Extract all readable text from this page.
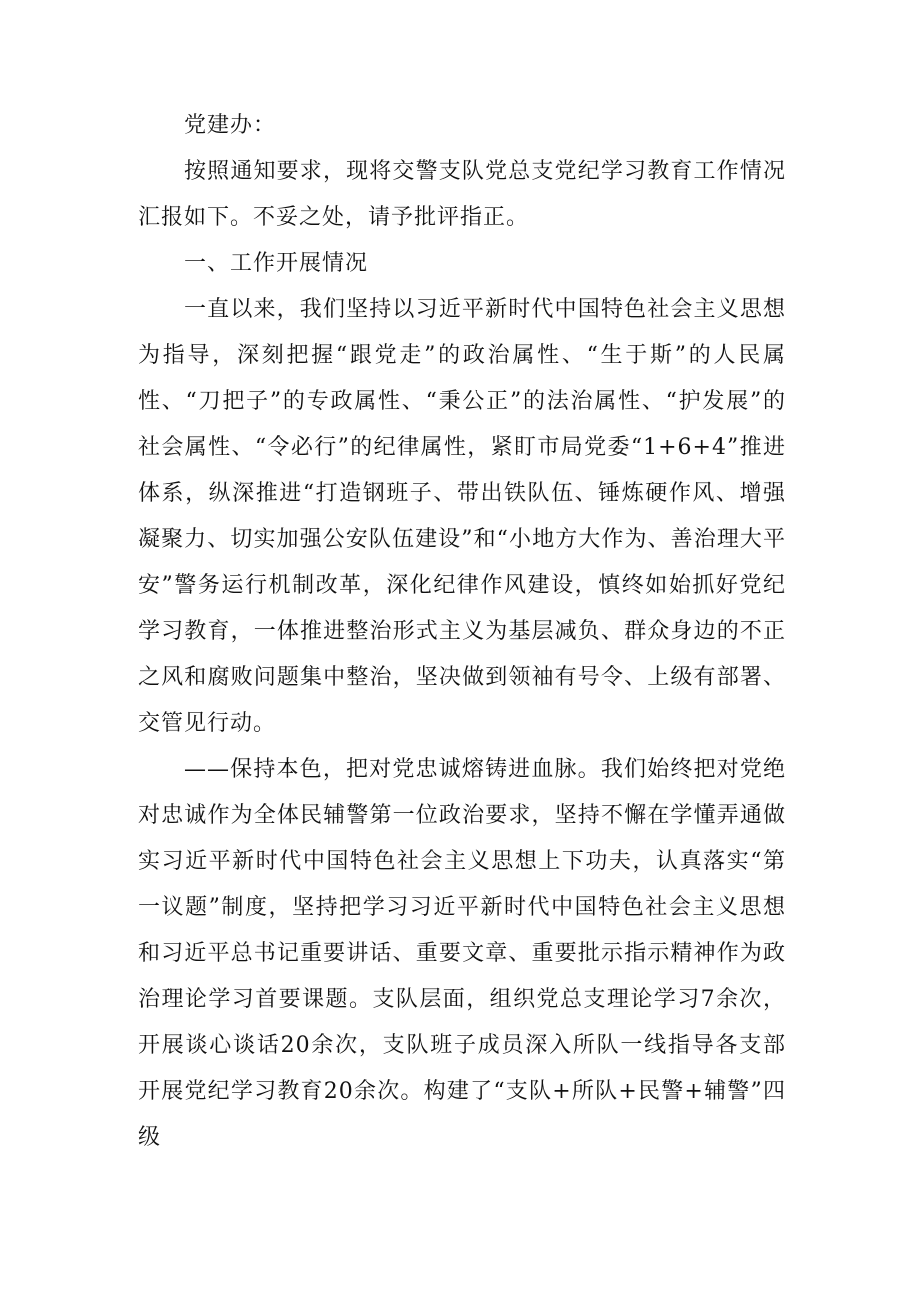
党建办：

按照通知要求，现将交警支队党总支党纪学习教育工作情况汇报如下。不妥之处，请予批评指正。

一、工作开展情况

一直以来，我们坚持以习近平新时代中国特色社会主义思想为指导，深刻把握“跟党走”的政治属性、“生于斯”的人民属性、“刀把子”的专政属性、“秉公正”的法治属性、“护发展”的社会属性、“令必行”的纪律属性，紧盯市局党委“1+6+4”推进体系，纵深推进“打造钢班子、带出铁队伍、锤炼硬作风、增强凝聚力、切实加强公安队伍建设”和“小地方大作为、善治理大平安”警务运行机制改革，深化纪律作风建设，慎终如始抓好党纪学习教育，一体推进整治形式主义为基层减负、群众身边的不正之风和腐败问题集中整治，坚决做到领袖有号令、上级有部署、交管见行动。

——保持本色，把对党忠诚熔铸进血脉。我们始终把对党绝对忠诚作为全体民辅警第一位政治要求，坚持不懈在学懂弄通做实习近平新时代中国特色社会主义思想上下功夫，认真落实“第一议题”制度，坚持把学习习近平新时代中国特色社会主义思想和习近平总书记重要讲话、重要文章、重要批示指示精神作为政治理论学习首要课题。支队层面，组织党总支理论学习7余次，开展谈心谈话20余次，支队班子成员深入所队一线指导各支部开展党纪学习教育20余次。构建了“支队+所队+民警+辅警”四级
